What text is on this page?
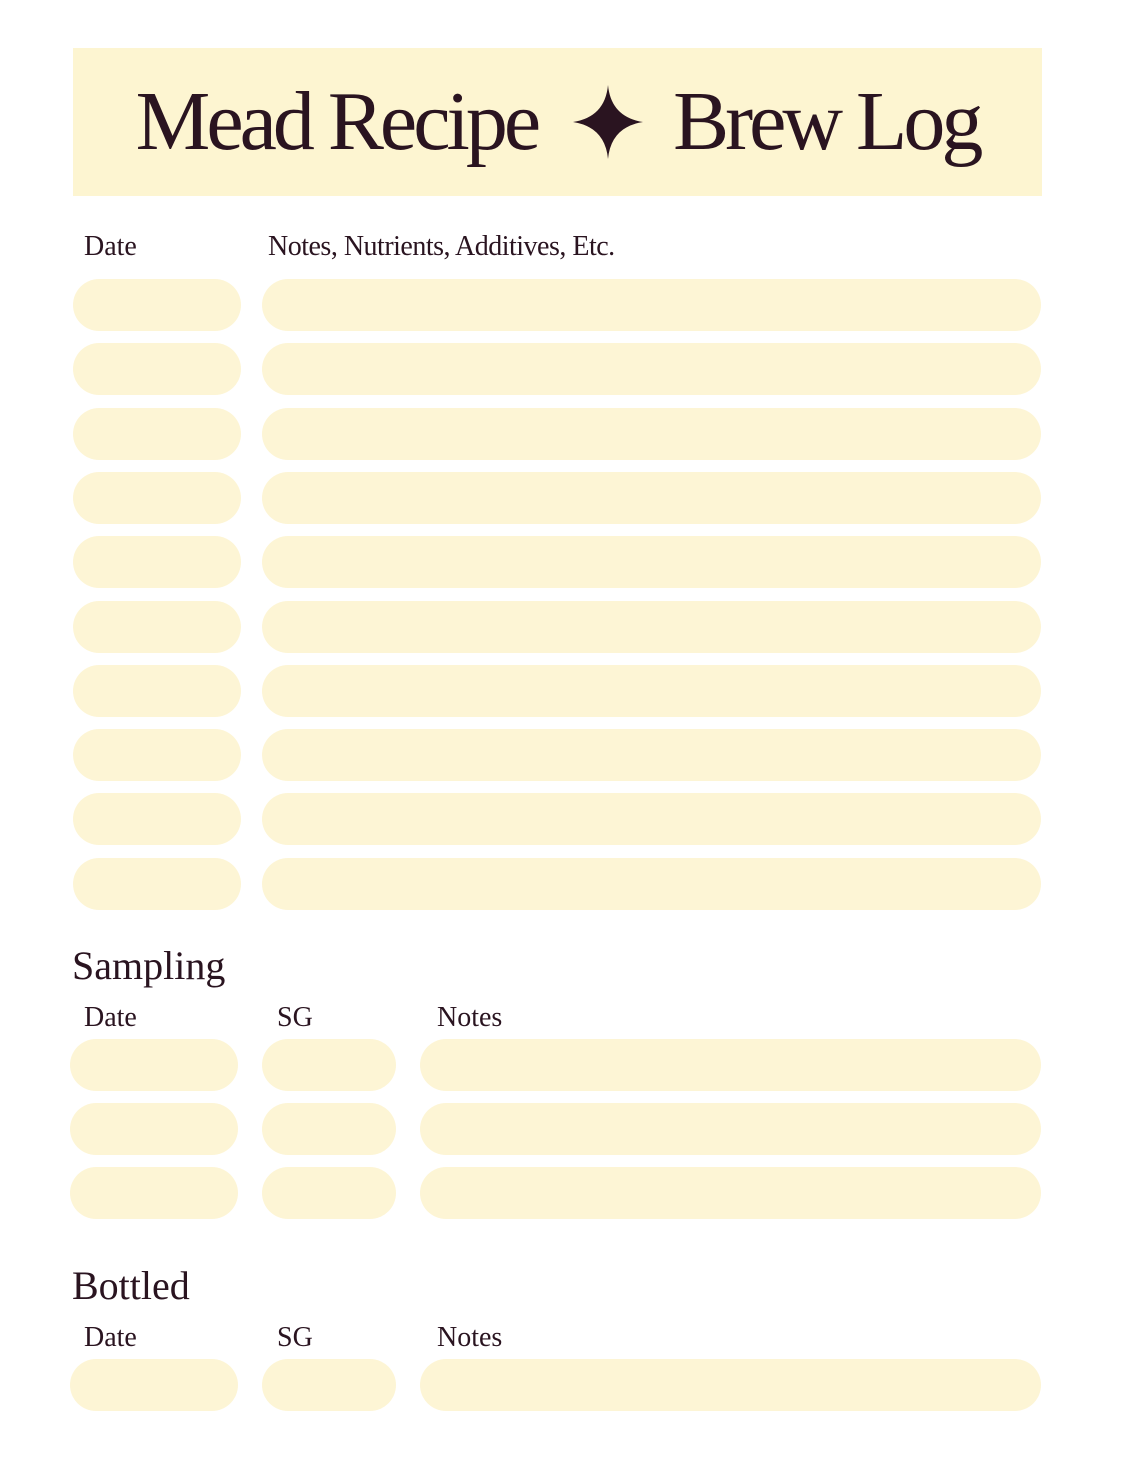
Mead Recipe Brew Log
Date	Notes, Nutrients, Additives, Etc.
Sampling
Date	SG	Notes
Bottled
Date	SG	Notes
